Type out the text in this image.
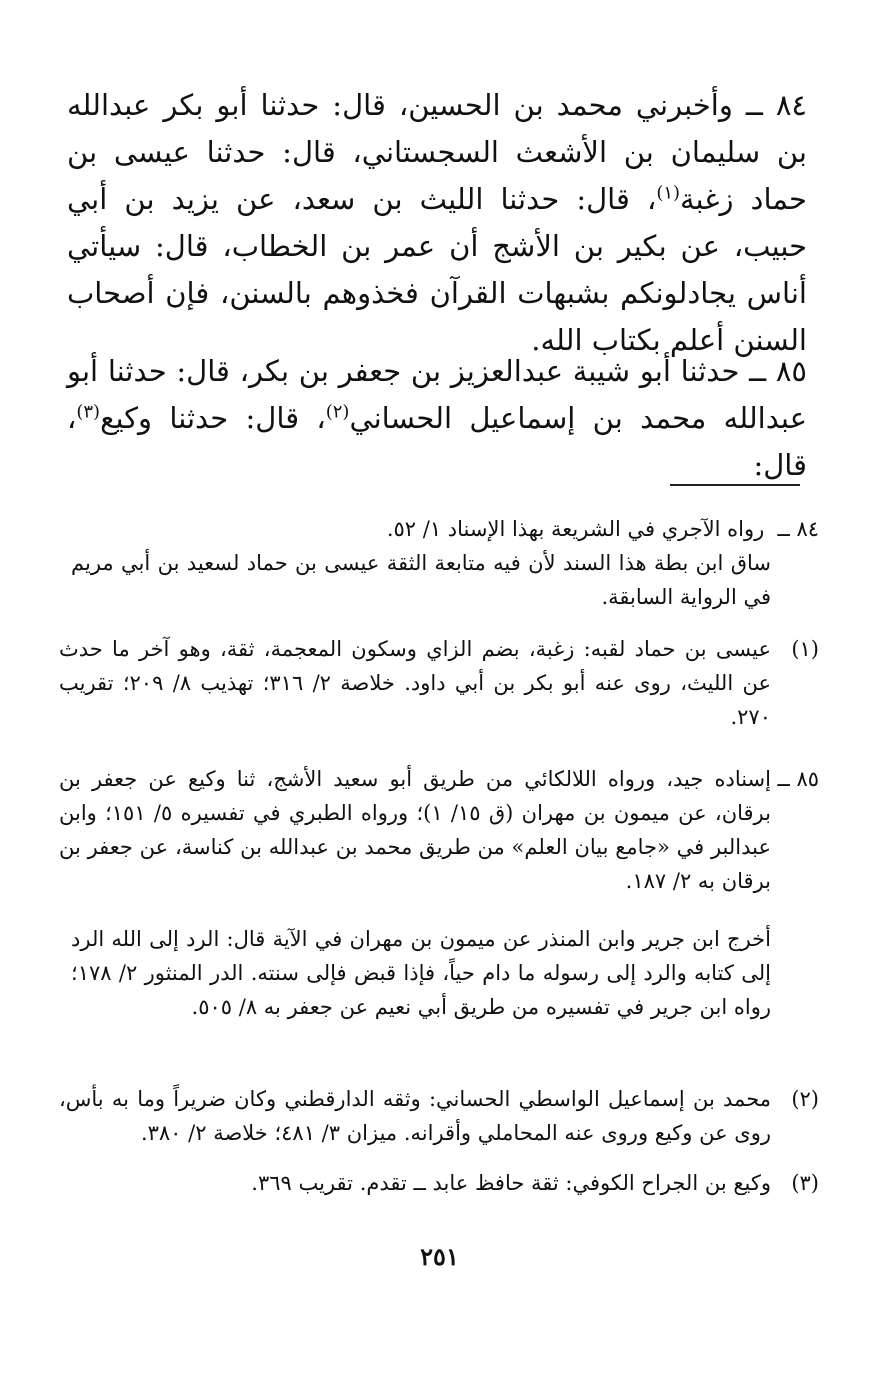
٨٤ ــ وأخبرني محمد بن الحسين، قال: حدثنا أبو بكر عبدالله بن سليمان بن الأشعث السجستاني، قال: حدثنا عيسى بن حماد زغبة$^{(١)}$، قال: حدثنا الليث بن سعد، عن يزيد بن أبي حبيب، عن بكير بن الأشج أن عمر بن الخطاب، قال: سيأتي أناس يجادلونكم بشبهات القرآن فخذوهم بالسنن، فإن أصحاب السنن أعلم بكتاب الله.
٨٥ ــ حدثنا أبو شيبة عبدالعزيز بن جعفر بن بكر، قال: حدثنا أبو عبدالله محمد بن إسماعيل الحساني$^{(٢)}$، قال: حدثنا وكيع$^{(٣)}$، قال:
٨٤ ــ رواه الآجري في الشريعة بهذا الإسناد ١/ ٥٢.
ساق ابن بطة هذا السند لأن فيه متابعة الثقة عيسى بن حماد لسعيد بن أبي مريم في الرواية السابقة.
(١)
عيسى بن حماد لقبه: زغبة، بضم الزاي وسكون المعجمة، ثقة، وهو آخر ما حدث عن الليث، روى عنه أبو بكر بن أبي داود. خلاصة ٢/ ٣١٦؛ تهذيب ٨/ ٢٠٩؛ تقريب ٢٧٠.
٨٥ ــ
إسناده جيد، ورواه اللالكائي من طريق أبو سعيد الأشج، ثنا وكيع عن جعفر بن برقان، عن ميمون بن مهران (ق ١٥/ ١)؛ ورواه الطبري في تفسيره ٥/ ١٥١؛ وابن عبدالبر في «جامع بيان العلم» من طريق محمد بن عبدالله بن كناسة، عن جعفر بن برقان به ٢/ ١٨٧.
أخرج ابن جرير وابن المنذر عن ميمون بن مهران في الآية قال: الرد إلى الله الرد إلى كتابه والرد إلى رسوله ما دام حياً، فإذا قبض فإلى سنته. الدر المنثور ٢/ ١٧٨؛ رواه ابن جرير في تفسيره من طريق أبي نعيم عن جعفر به ٨/ ٥٠٥.
(٢)
محمد بن إسماعيل الواسطي الحساني: وثقه الدارقطني وكان ضريراً وما به بأس، روى عن وكيع وروى عنه المحاملي وأقرانه. ميزان ٣/ ٤٨١؛ خلاصة ٢/ ٣٨٠.
(٣)
وكيع بن الجراح الكوفي: ثقة حافظ عابد ــ تقدم. تقريب ٣٦٩.
٢٥١
